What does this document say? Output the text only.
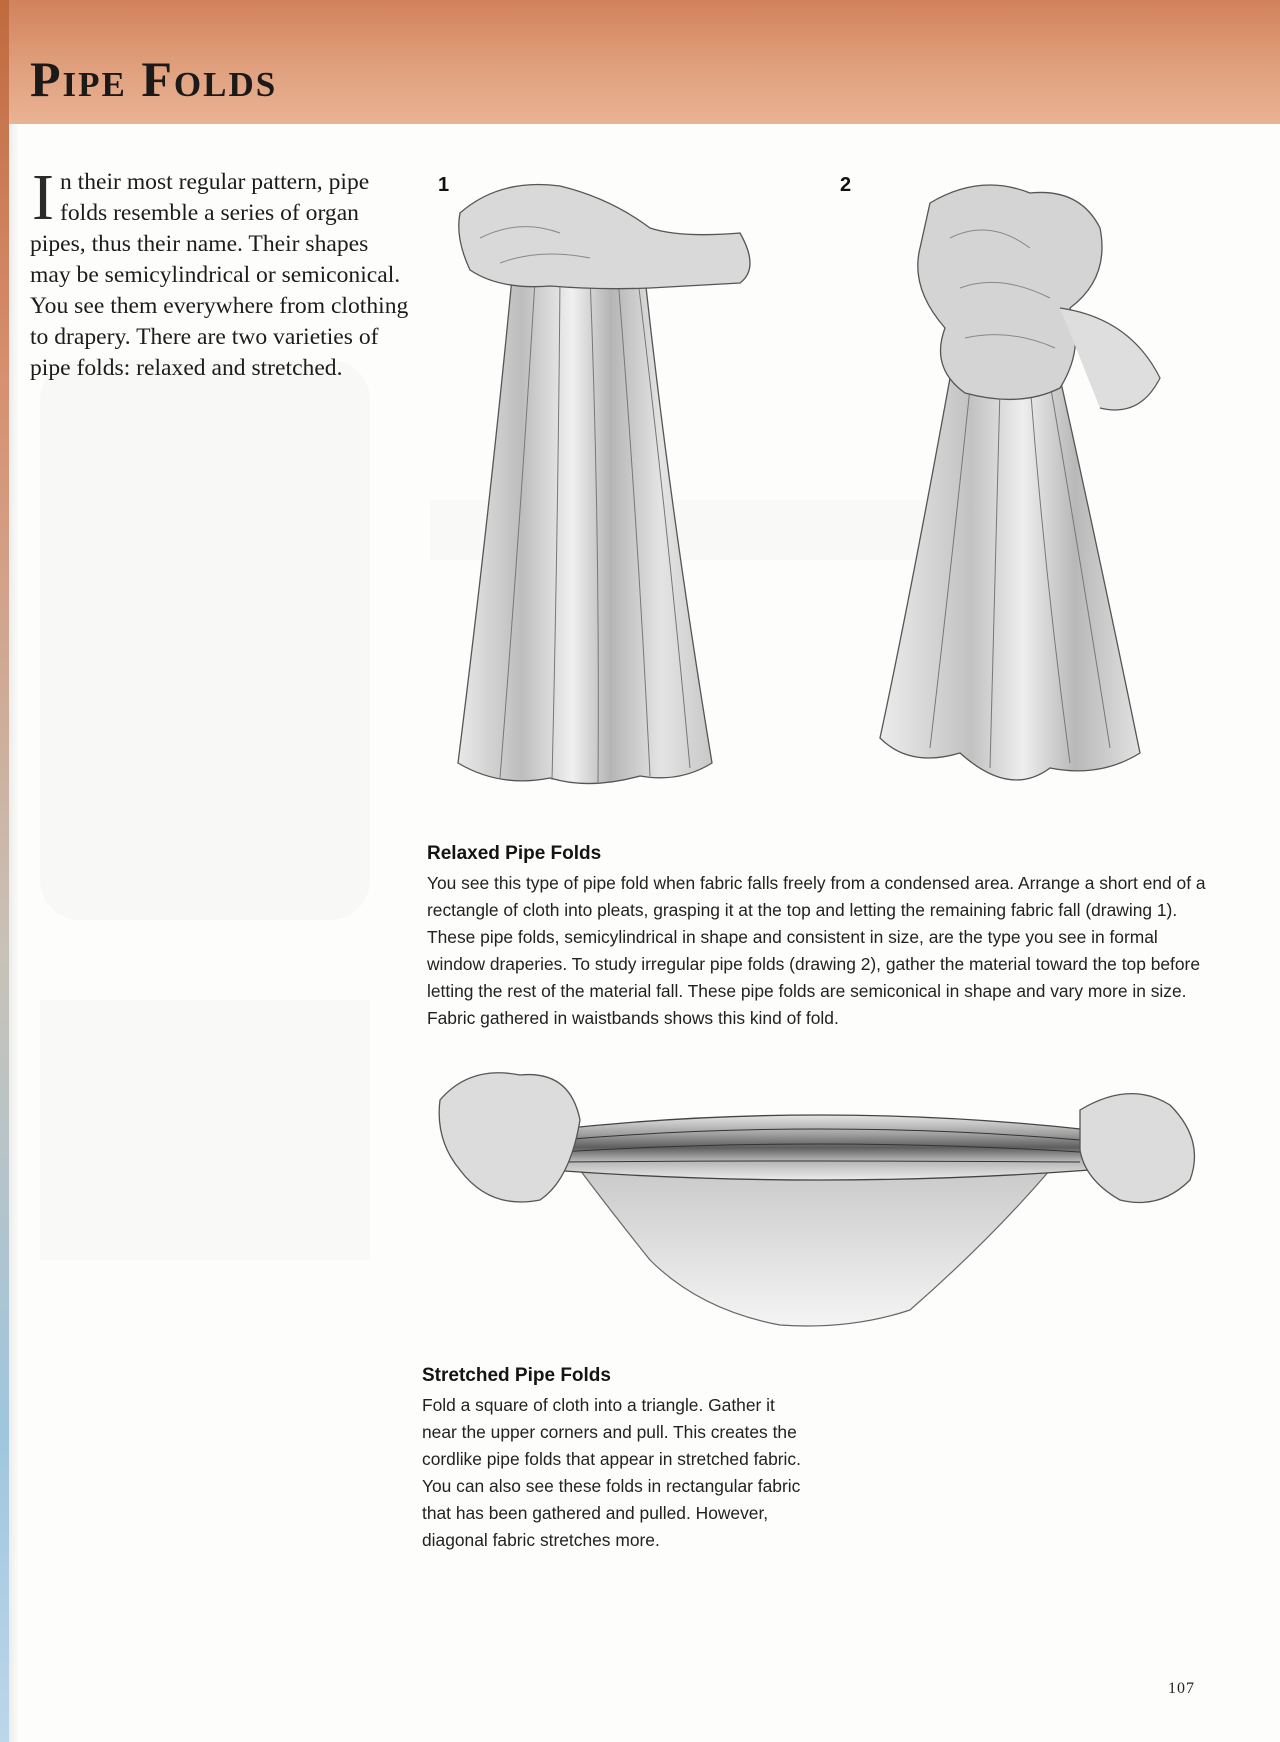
Pipe Folds

In their most regular pattern, pipe folds resemble a series of organ pipes, thus their name. Their shapes may be semicylindrical or semiconical. You see them everywhere from clothing to drapery. There are two varieties of pipe folds: relaxed and stretched.

1	2
Relaxed Pipe Folds

You see this type of pipe fold when fabric falls freely from a condensed area. Arrange a short end of a rectangle of cloth into pleats, grasping it at the top and letting the remaining fabric fall (drawing 1). These pipe folds, semicylindrical in shape and consistent in size, are the type you see in formal window draperies. To study irregular pipe folds (drawing 2), gather the material toward the top before letting the rest of the material fall. These pipe folds are semiconical in shape and vary more in size. Fabric gathered in waistbands shows this kind of fold.

Stretched Pipe Folds

Fold a square of cloth into a triangle. Gather it near the upper corners and pull. This creates the cordlike pipe folds that appear in stretched fabric. You can also see these folds in rectangular fabric that has been gathered and pulled. However, diagonal fabric stretches more.

107
